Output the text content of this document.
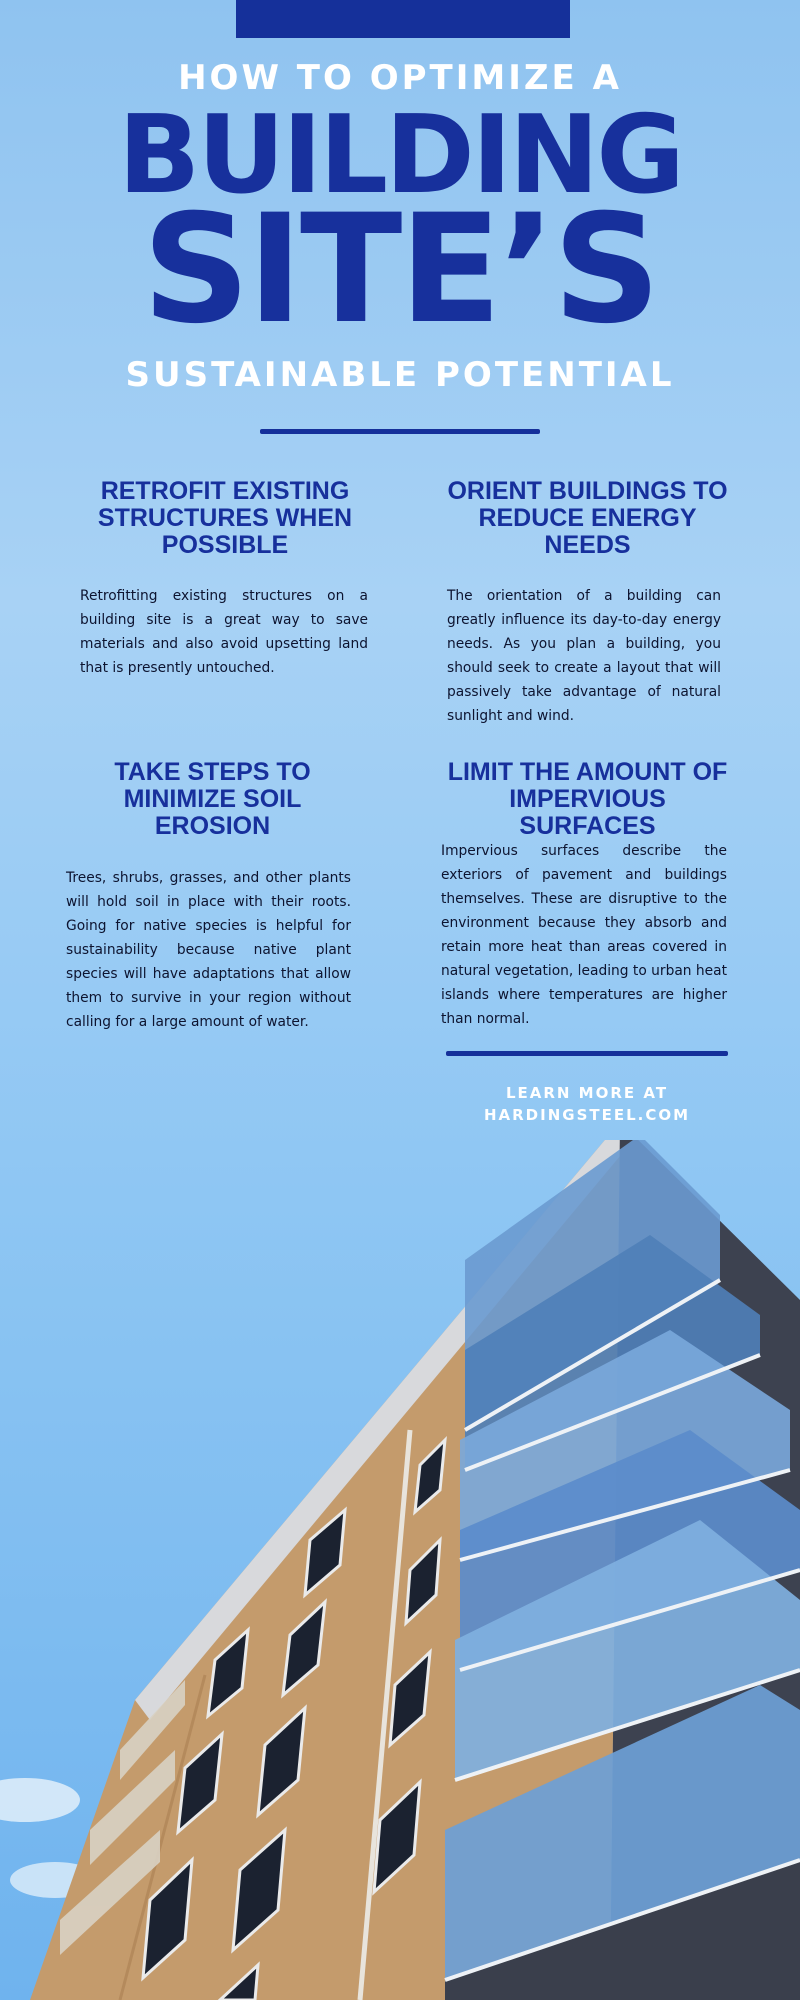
HOW TO OPTIMIZE A
BUILDING
SITE’S
SUSTAINABLE POTENTIAL
RETROFIT EXISTING STRUCTURES WHEN POSSIBLE
Retrofitting existing structures on a building site is a great way to save materials and also avoid upsetting land that is presently untouched.
ORIENT BUILDINGS TO REDUCE ENERGY NEEDS
The orientation of a building can greatly influence its day-to-day energy needs. As you plan a building, you should seek to create a layout that will passively take advantage of natural sunlight and wind.
TAKE STEPS TO MINIMIZE SOIL EROSION
Trees, shrubs, grasses, and other plants will hold soil in place with their roots. Going for native species is helpful for sustainability because native plant species will have adaptations that allow them to survive in your region without calling for a large amount of water.
LIMIT THE AMOUNT OF IMPERVIOUS SURFACES
Impervious surfaces describe the exteriors of pavement and buildings themselves. These are disruptive to the environment because they absorb and retain more heat than areas covered in natural vegetation, leading to urban heat islands where temperatures are higher than normal.
LEARN MORE AT
HARDINGSTEEL.COM
